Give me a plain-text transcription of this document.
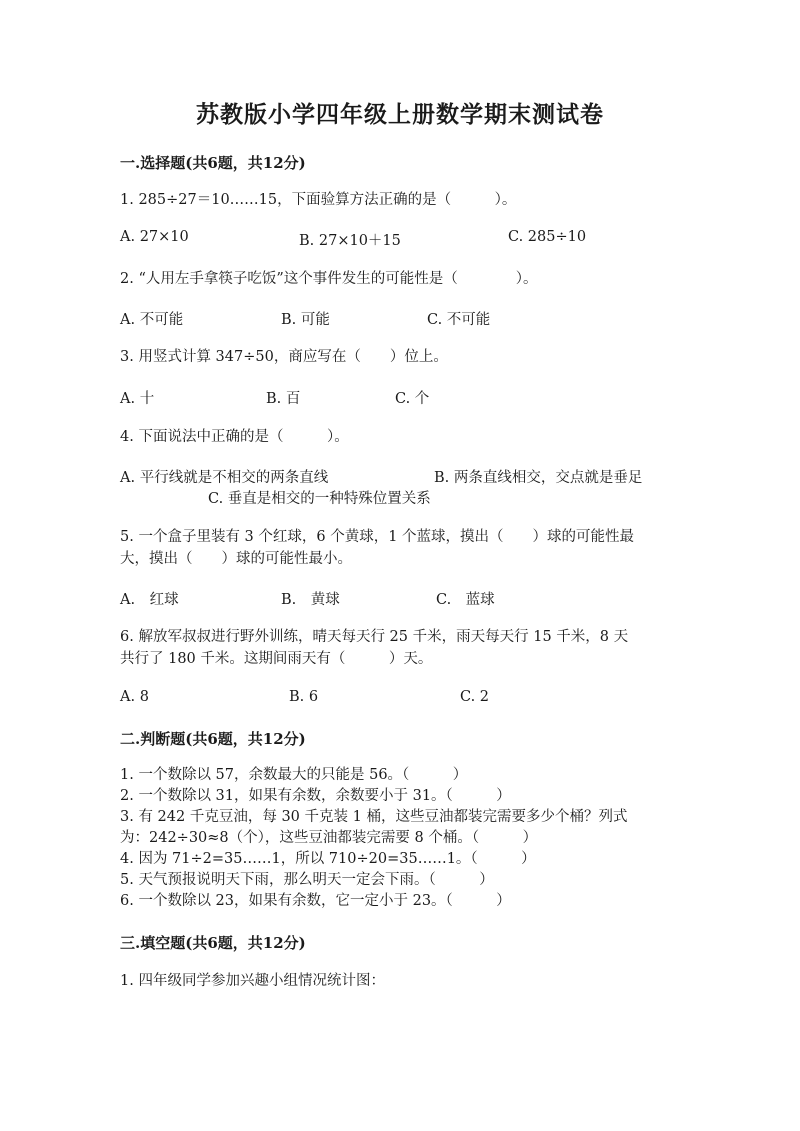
苏教版小学四年级上册数学期末测试卷
一.选择题(共6题，共12分)
1. 285÷27＝10……15，下面验算方法正确的是（　　　）。
A. 27×10	B. 27×10＋15	C. 285÷10
2. “人用左手拿筷子吃饭”这个事件发生的可能性是（　　　　）。
A. 不可能	B. 可能	C. 不可能
3. 用竖式计算 347÷50，商应写在（　　）位上。
A. 十	B. 百	C. 个
4. 下面说法中正确的是（　　　）。
A. 平行线就是不相交的两条直线	B. 两条直线相交，交点就是垂足
C. 垂直是相交的一种特殊位置关系
5. 一个盒子里装有 3 个红球，6 个黄球，1 个蓝球，摸出（　　）球的可能性最
大，摸出（　　）球的可能性最小。
A.　红球	B.　黄球	C.　蓝球
6. 解放军叔叔进行野外训练，晴天每天行 25 千米，雨天每天行 15 千米，8 天
共行了 180 千米。这期间雨天有（　　　）天。
A. 8	B. 6	C. 2
二.判断题(共6题，共12分)
1. 一个数除以 57，余数最大的只能是 56。（　　　）
2. 一个数除以 31，如果有余数，余数要小于 31。（　　　）
3. 有 242 千克豆油，每 30 千克装 1 桶，这些豆油都装完需要多少个桶？列式
为：242÷30≈8（个），这些豆油都装完需要 8 个桶。（　　　）
4. 因为 71÷2=35……1，所以 710÷20=35……1。（　　　）
5. 天气预报说明天下雨，那么明天一定会下雨。（　　　）
6. 一个数除以 23，如果有余数，它一定小于 23。（　　　）
三.填空题(共6题，共12分)
1. 四年级同学参加兴趣小组情况统计图：
